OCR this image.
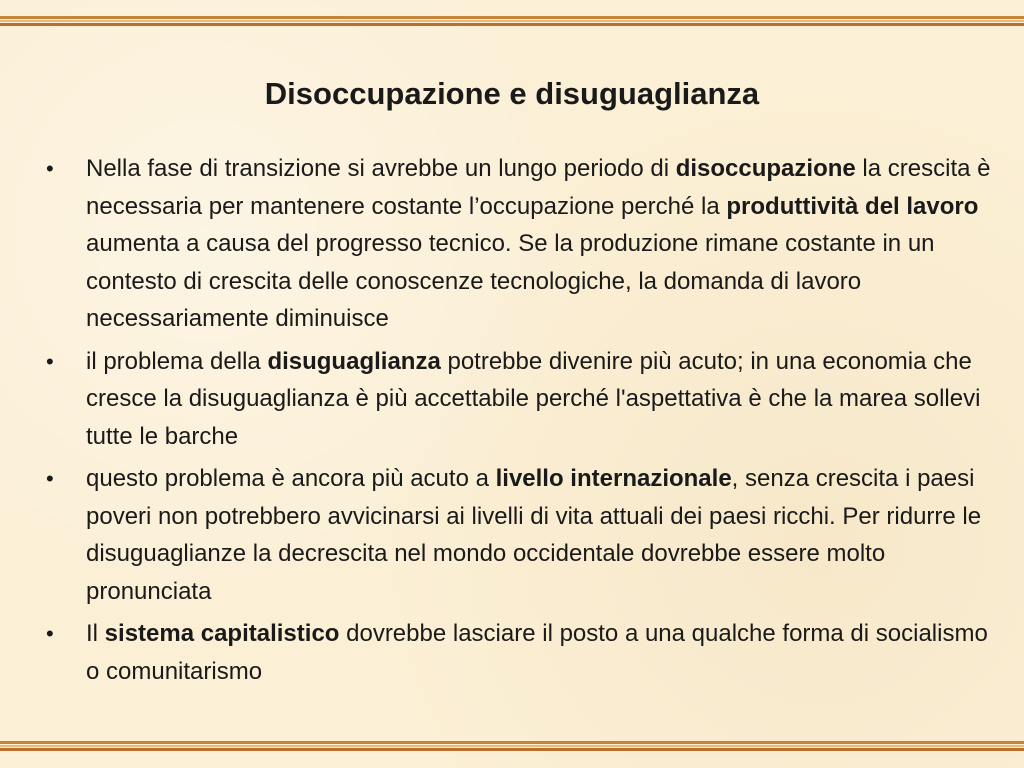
Disoccupazione e disuguaglianza
•	Nella fase di transizione si avrebbe un lungo periodo di disoccupazione la crescita è necessaria per mantenere costante l’occupazione perché la produttività del lavoro aumenta a causa del progresso tecnico. Se la produzione rimane costante in un contesto di crescita delle conoscenze tecnologiche, la domanda di lavoro necessariamente diminuisce
•	il problema della disuguaglianza potrebbe divenire più acuto; in una economia che cresce la disuguaglianza è più accettabile perché l'aspettativa è che la marea sollevi tutte le barche
•	questo problema è ancora più acuto a livello internazionale, senza crescita i paesi poveri non potrebbero avvicinarsi ai livelli di vita attuali dei paesi ricchi. Per ridurre le disuguaglianze la decrescita nel mondo occidentale dovrebbe essere molto pronunciata
•	Il sistema capitalistico dovrebbe lasciare il posto a una qualche forma di socialismo o comunitarismo
